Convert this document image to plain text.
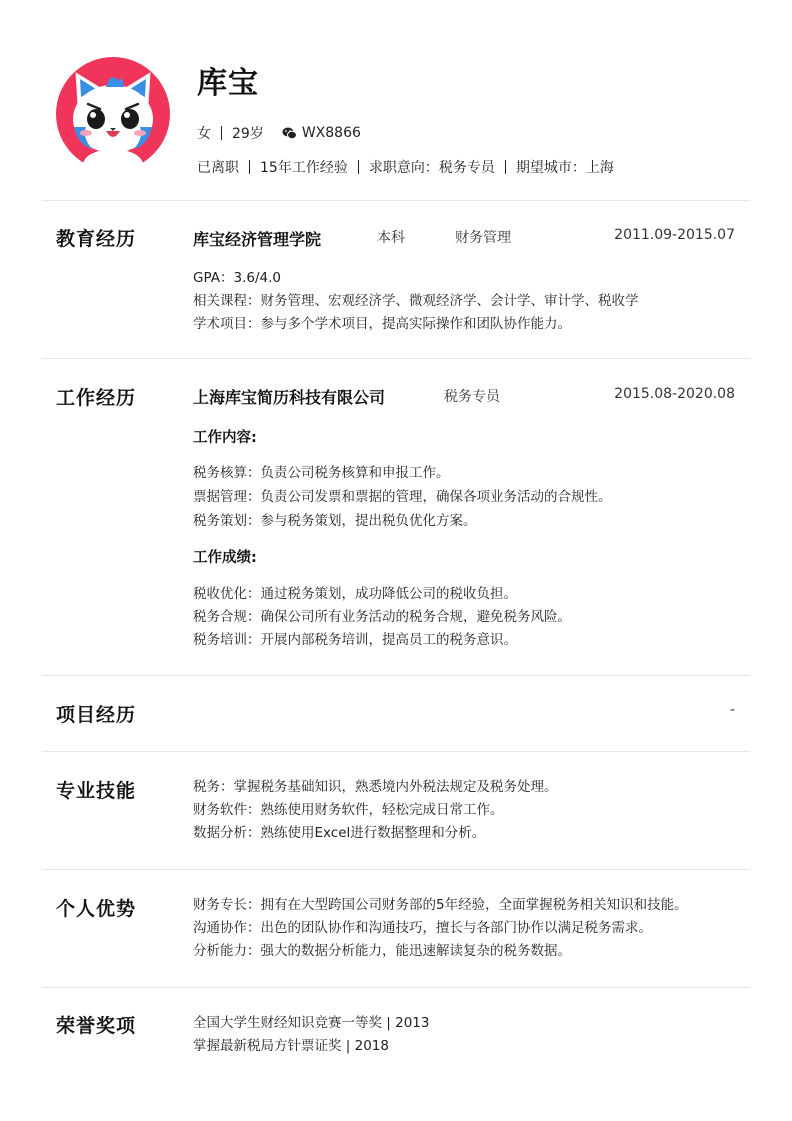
库宝
女 29岁	WX8866
已离职 15年工作经验 求职意向：税务专员 期望城市：上海
教育经历	库宝经济管理学院	本科	财务管理	2011.09-2015.07
GPA：3.6/4.0
相关课程：财务管理、宏观经济学、微观经济学、会计学、审计学、税收学
学术项目：参与多个学术项目，提高实际操作和团队协作能力。
工作经历	上海库宝简历科技有限公司	税务专员	2015.08-2020.08
工作内容:
税务核算：负责公司税务核算和申报工作。
票据管理：负责公司发票和票据的管理，确保各项业务活动的合规性。
税务策划：参与税务策划，提出税负优化方案。
工作成绩:
税收优化：通过税务策划，成功降低公司的税收负担。
税务合规：确保公司所有业务活动的税务合规，避免税务风险。
税务培训：开展内部税务培训，提高员工的税务意识。
项目经历	-
专业技能	税务：掌握税务基础知识，熟悉境内外税法规定及税务处理。
财务软件：熟练使用财务软件，轻松完成日常工作。
数据分析：熟练使用Excel进行数据整理和分析。
个人优势	财务专长：拥有在大型跨国公司财务部的5年经验，全面掌握税务相关知识和技能。
沟通协作：出色的团队协作和沟通技巧，擅长与各部门协作以满足税务需求。
分析能力：强大的数据分析能力，能迅速解读复杂的税务数据。
荣誉奖项	全国大学生财经知识竞赛一等奖 | 2013
掌握最新税局方针票证奖 | 2018
